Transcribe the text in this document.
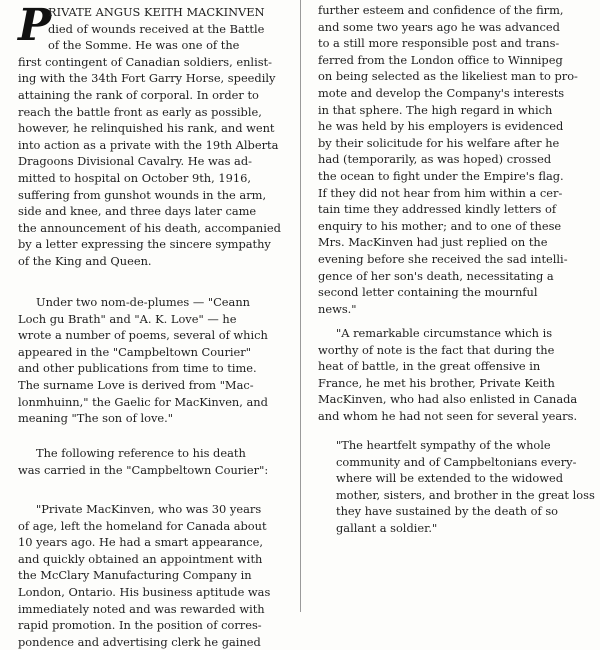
P
RIVATE ANGUS KEITH MACKINVEN
died of wounds received at the Battle
of the Somme. He was one of the
first contingent of Canadian soldiers, enlist-
ing with the 34th Fort Garry Horse, speedily
attaining the rank of corporal. In order to
reach the battle front as early as possible,
however, he relinquished his rank, and went
into action as a private with the 19th Alberta
Dragoons Divisional Cavalry. He was ad-
mitted to hospital on October 9th, 1916,
suffering from gunshot wounds in the arm,
side and knee, and three days later came
the announcement of his death, accompanied
by a letter expressing the sincere sympathy
of the King and Queen.
Under two nom-de-plumes — "Ceann
Loch gu Brath" and "A. K. Love" — he
wrote a number of poems, several of which
appeared in the "Campbeltown Courier"
and other publications from time to time.
The surname Love is derived from "Mac-
lonmhuinn," the Gaelic for MacKinven, and
meaning "The son of love."
The following reference to his death
was carried in the "Campbeltown Courier":
"Private MacKinven, who was 30 years
of age, left the homeland for Canada about
10 years ago. He had a smart appearance,
and quickly obtained an appointment with
the McClary Manufacturing Company in
London, Ontario. His business aptitude was
immediately noted and was rewarded with
rapid promotion. In the position of corres-
pondence and advertising clerk he gained
further esteem and confidence of the firm,
and some two years ago he was advanced
to a still more responsible post and trans-
ferred from the London office to Winnipeg
on being selected as the likeliest man to pro-
mote and develop the Company's interests
in that sphere. The high regard in which
he was held by his employers is evidenced
by their solicitude for his welfare after he
had (temporarily, as was hoped) crossed
the ocean to fight under the Empire's flag.
If they did not hear from him within a cer-
tain time they addressed kindly letters of
enquiry to his mother; and to one of these
Mrs. MacKinven had just replied on the
evening before she received the sad intelli-
gence of her son's death, necessitating a
second letter containing the mournful
news."
"A remarkable circumstance which is
worthy of note is the fact that during the
heat of battle, in the great offensive in
France, he met his brother, Private Keith
MacKinven, who had also enlisted in Canada
and whom he had not seen for several years.
"The heartfelt sympathy of the whole
community and of Campbeltonians every-
where will be extended to the widowed
mother, sisters, and brother in the great loss
they have sustained by the death of so
gallant a soldier."
